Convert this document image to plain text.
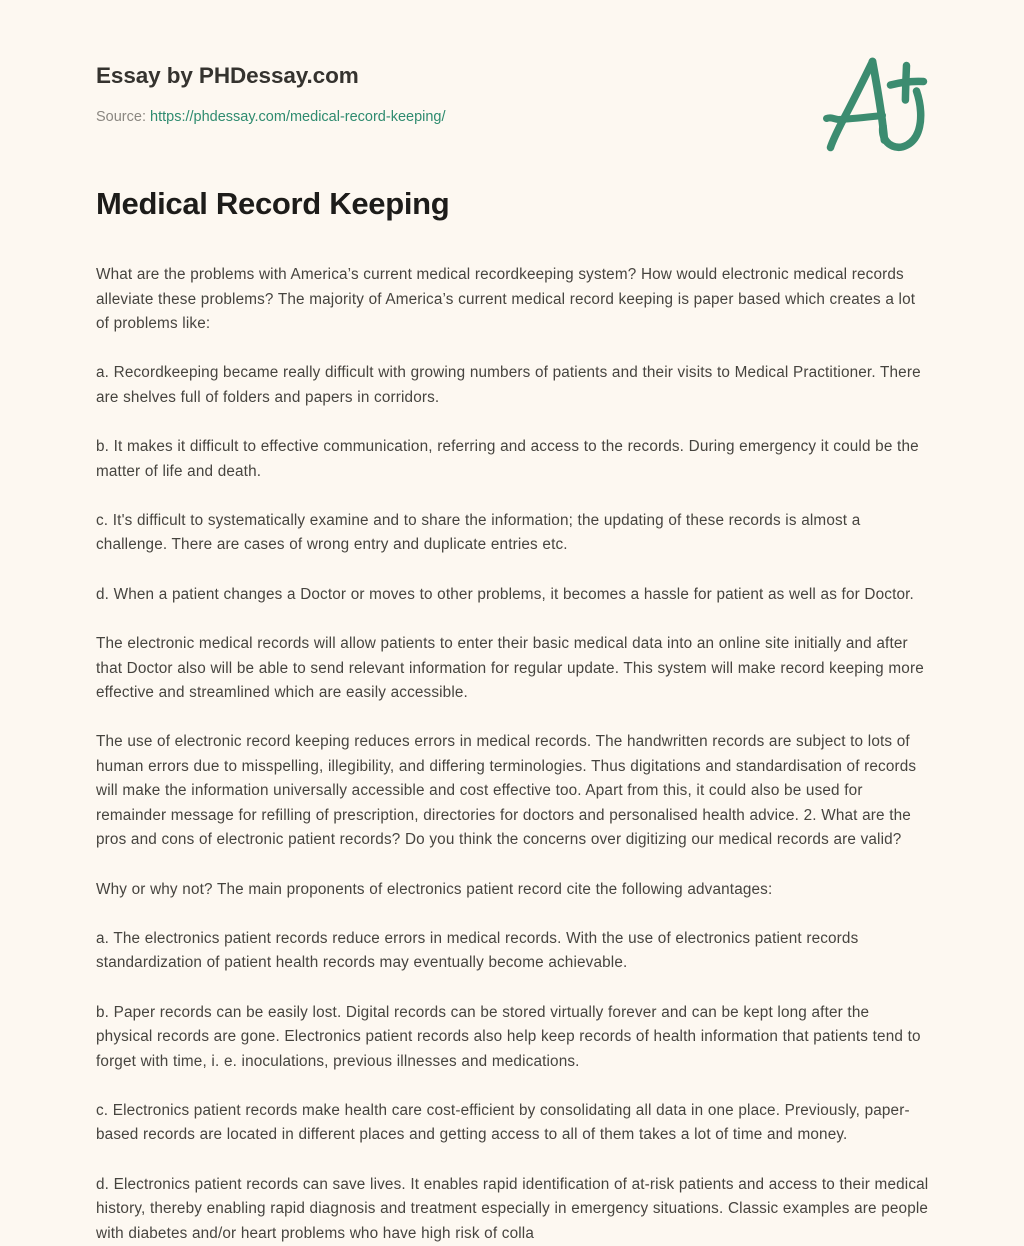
Essay by PHDessay.com
Source: https://phdessay.com/medical-record-keeping/
Medical Record Keeping

What are the problems with America’s current medical recordkeeping system? How would electronic medical records alleviate these problems? The majority of America’s current medical record keeping is paper based which creates a lot of problems like:

a. Recordkeeping became really difficult with growing numbers of patients and their visits to Medical Practitioner. There are shelves full of folders and papers in corridors.

b. It makes it difficult to effective communication, referring and access to the records. During emergency it could be the matter of life and death.

c. It's difficult to systematically examine and to share the information; the updating of these records is almost a challenge. There are cases of wrong entry and duplicate entries etc.

d. When a patient changes a Doctor or moves to other problems, it becomes a hassle for patient as well as for Doctor.

The electronic medical records will allow patients to enter their basic medical data into an online site initially and after that Doctor also will be able to send relevant information for regular update. This system will make record keeping more effective and streamlined which are easily accessible.

The use of electronic record keeping reduces errors in medical records. The handwritten records are subject to lots of human errors due to misspelling, illegibility, and differing terminologies. Thus digitations and standardisation of records will make the information universally accessible and cost effective too. Apart from this, it could also be used for remainder message for refilling of prescription, directories for doctors and personalised health advice. 2. What are the pros and cons of electronic patient records? Do you think the concerns over digitizing our medical records are valid?

Why or why not? The main proponents of electronics patient record cite the following advantages:

a. The electronics patient records reduce errors in medical records. With the use of electronics patient records standardization of patient health records may eventually become achievable.

b. Paper records can be easily lost. Digital records can be stored virtually forever and can be kept long after the physical records are gone. Electronics patient records also help keep records of health information that patients tend to forget with time, i. e. inoculations, previous illnesses and medications.

c. Electronics patient records make health care cost-efficient by consolidating all data in one place. Previously, paper-based records are located in different places and getting access to all of them takes a lot of time and money.

d. Electronics patient records can save lives. It enables rapid identification of at-risk patients and access to their medical history, thereby enabling rapid diagnosis and treatment especially in emergency situations. Classic examples are people with diabetes and/or heart problems who have high risk of colla
